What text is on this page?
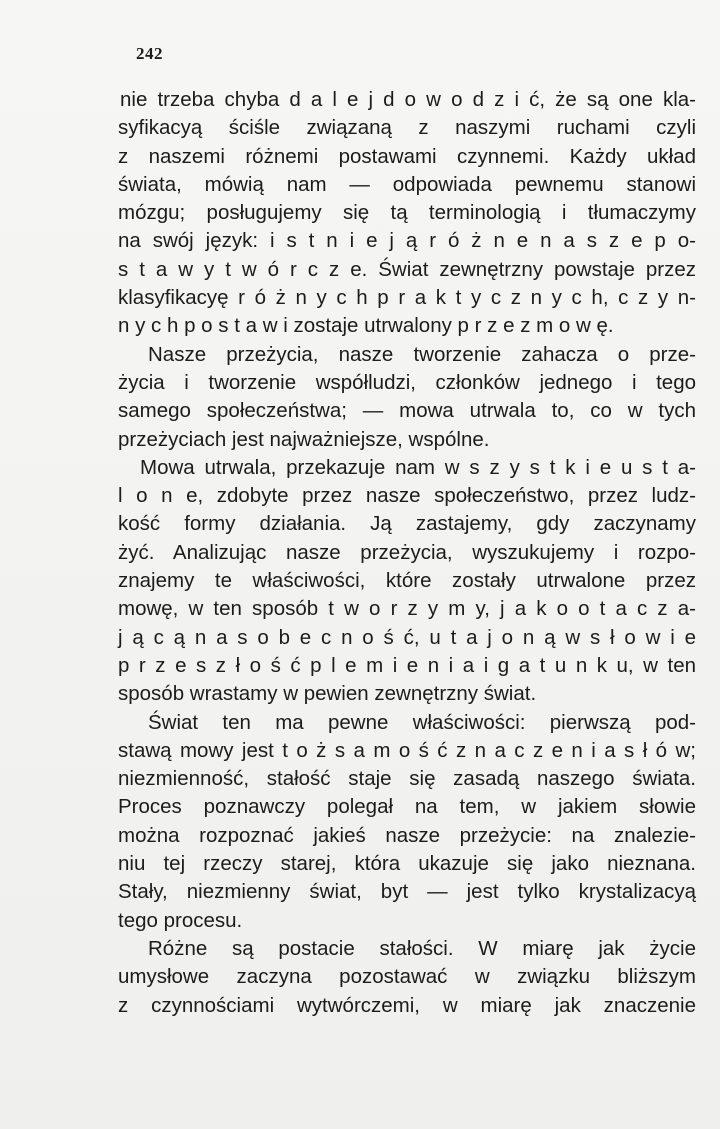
242
nie trzeba chyba d a l e j d o w o d z i ć, że są one kla-
syfikacyą ściśle związaną z naszymi ruchami czyli
z naszemi różnemi postawami czynnemi. Każdy układ
świata, mówią nam — odpowiada pewnemu stanowi
mózgu; posługujemy się tą terminologią i tłumaczymy
na swój język: i s t n i e j ą r ó ż n e n a s z e p o-
s t a w y t w ó r c z e. Świat zewnętrzny powstaje przez
klasyfikacyę r ó ż n y c h p r a k t y c z n y c h, c z y n-
n y c h p o s t a w i zostaje utrwalony p r z e z m o w ę.
Nasze przeżycia, nasze tworzenie zahacza o prze-
życia i tworzenie współludzi, członków jednego i tego
samego społeczeństwa; — mowa utrwala to, co w tych
przeżyciach jest najważniejsze, wspólne.
Mowa utrwala, przekazuje nam w s z y s t k i e u s t a-
l o n e, zdobyte przez nasze społeczeństwo, przez ludz-
kość formy działania. Ją zastajemy, gdy zaczynamy
żyć. Analizując nasze przeżycia, wyszukujemy i rozpo-
znajemy te właściwości, które zostały utrwalone przez
mowę, w ten sposób t w o r z y m y, j a k o o t a c z a-
j ą c ą n a s o b e c n o ś ć, u t a j o n ą w s ł o w i e
p r z e s z ł o ś ć p l e m i e n i a i g a t u n k u, w ten
sposób wrastamy w pewien zewnętrzny świat.
Świat ten ma pewne właściwości: pierwszą pod-
stawą mowy jest t o ż s a m o ś ć z n a c z e n i a s ł ó w;
niezmienność, stałość staje się zasadą naszego świata.
Proces poznawczy polegał na tem, w jakiem słowie
można rozpoznać jakieś nasze przeżycie: na znalezie-
niu tej rzeczy starej, która ukazuje się jako nieznana.
Stały, niezmienny świat, byt — jest tylko krystalizacyą
tego procesu.
Różne są postacie stałości. W miarę jak życie
umysłowe zaczyna pozostawać w związku bliższym
z czynnościami wytwórczemi, w miarę jak znaczenie
